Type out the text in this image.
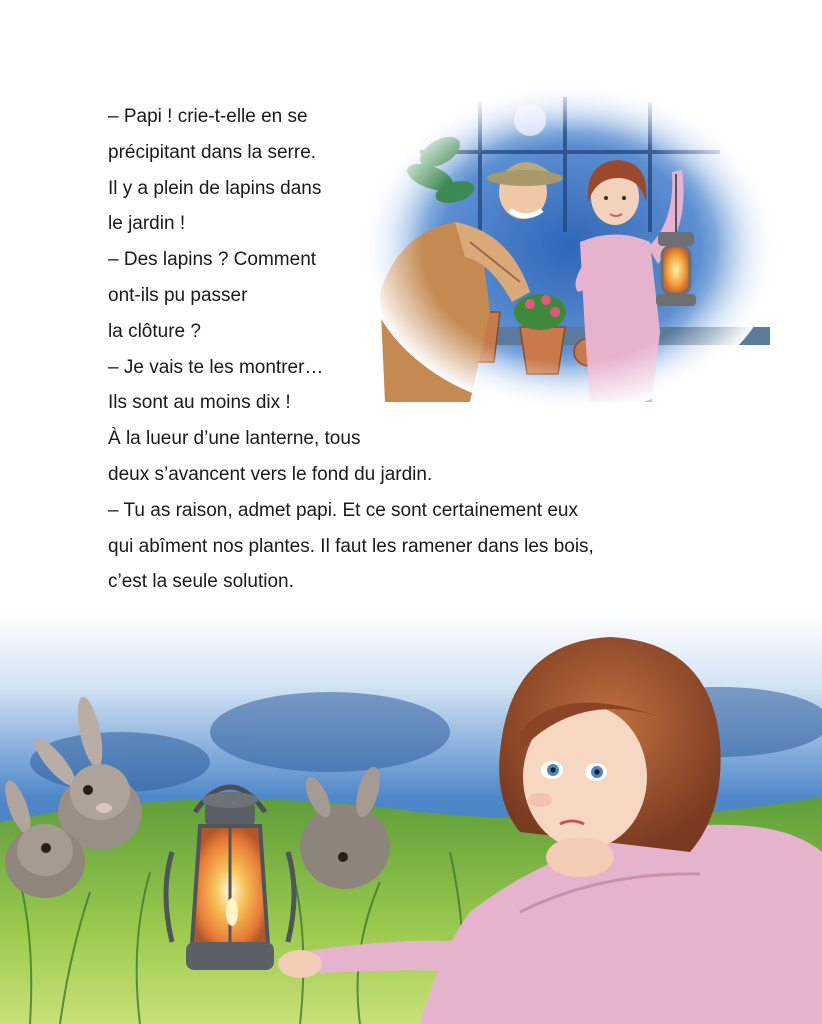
– Papi ! crie-t-elle en se
précipitant dans la serre.
Il y a plein de lapins dans
le jardin !
– Des lapins ? Comment
ont-ils pu passer
la clôture ?
– Je vais te les montrer…
Ils sont au moins dix !
À la lueur d’une lanterne, tous
deux s’avancent vers le fond du jardin.
– Tu as raison, admet papi. Et ce sont certainement eux
qui abîment nos plantes. Il faut les ramener dans les bois,
c’est la seule solution.
